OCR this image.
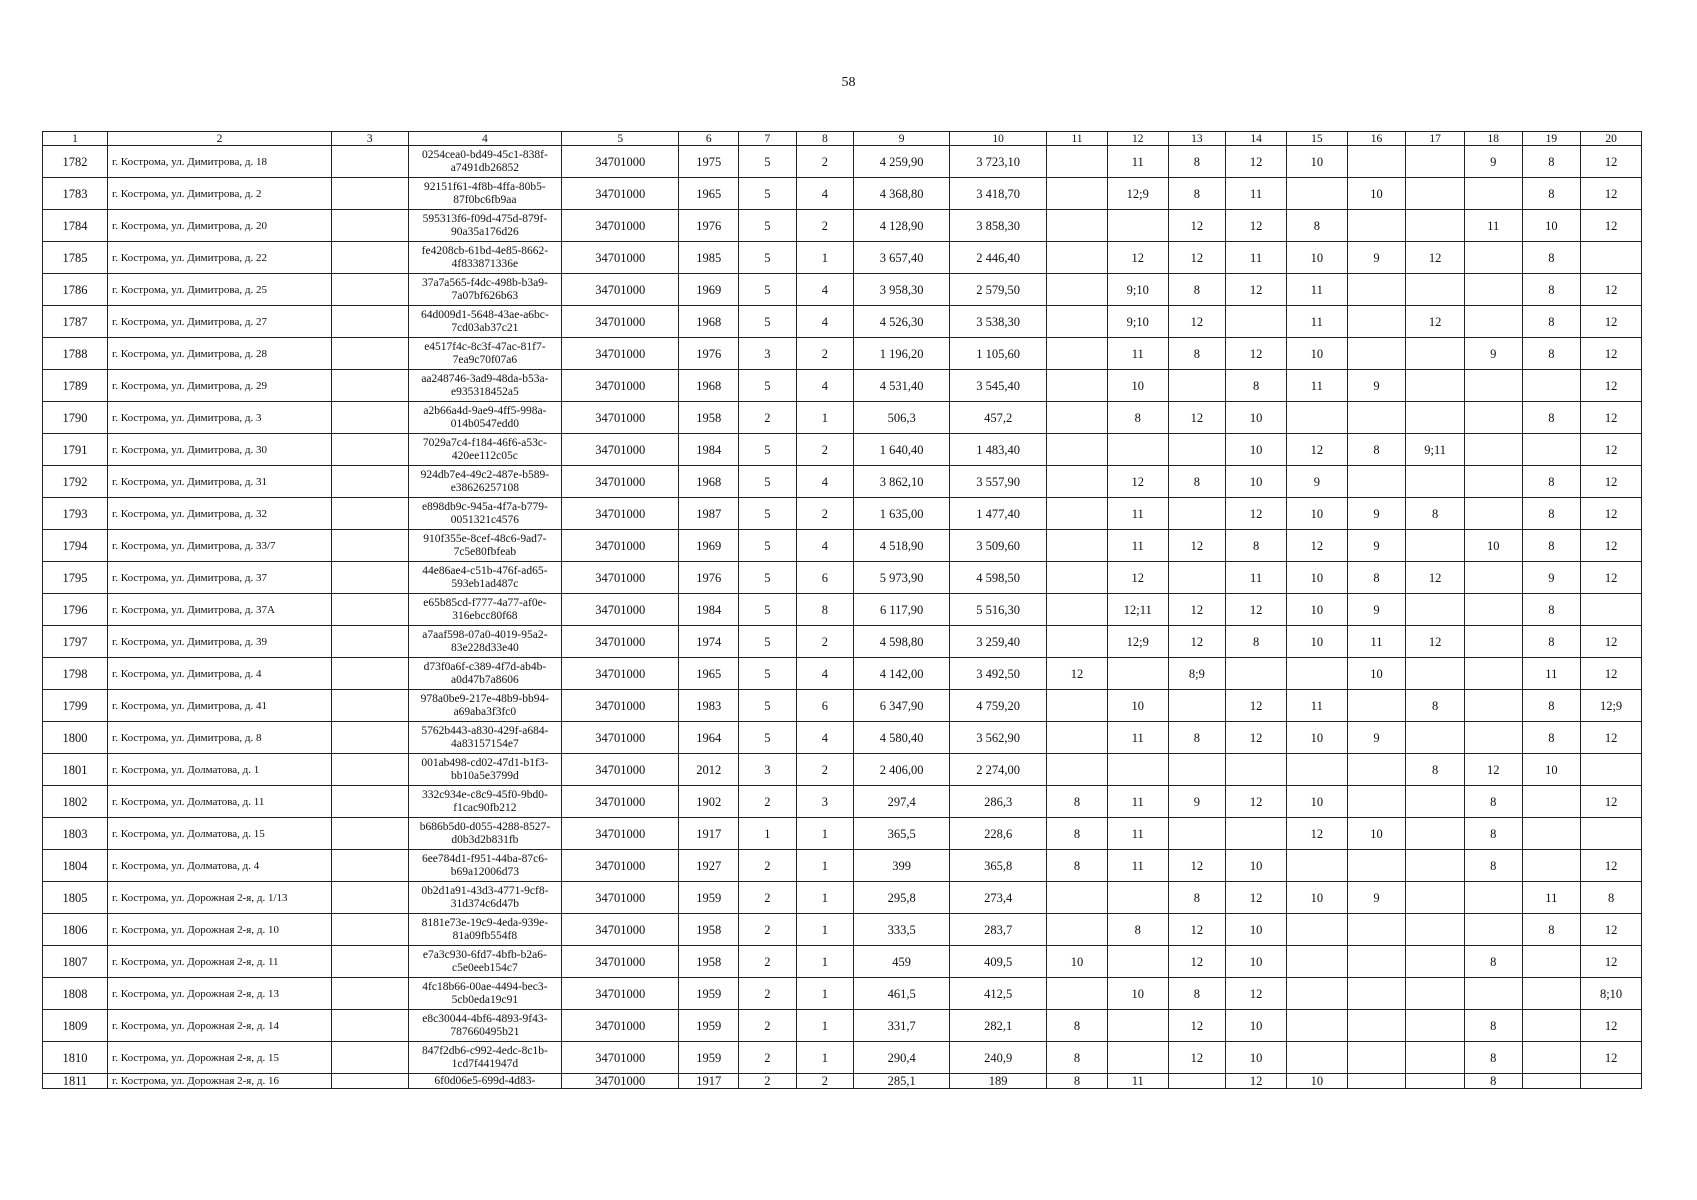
58
1	2	3	4	5	6	7	8	9	10	11	12	13	14	15	16	17	18	19	20
1782	г. Кострома, ул. Димитрова, д. 18		0254cea0-bd49-45c1-838f-a7491db26852	34701000	1975	5	2	4 259,90	3 723,10		11	8	12	10			9	8	12
1783	г. Кострома, ул. Димитрова, д. 2		92151f61-4f8b-4ffa-80b5-87f0bc6fb9aa	34701000	1965	5	4	4 368,80	3 418,70		12;9	8	11		10			8	12
1784	г. Кострома, ул. Димитрова, д. 20		595313f6-f09d-475d-879f-90a35a176d26	34701000	1976	5	2	4 128,90	3 858,30			12	12	8			11	10	12
1785	г. Кострома, ул. Димитрова, д. 22		fe4208cb-61bd-4e85-8662-4f833871336e	34701000	1985	5	1	3 657,40	2 446,40		12	12	11	10	9	12		8	
1786	г. Кострома, ул. Димитрова, д. 25		37a7a565-f4dc-498b-b3a9-7a07bf626b63	34701000	1969	5	4	3 958,30	2 579,50		9;10	8	12	11				8	12
1787	г. Кострома, ул. Димитрова, д. 27		64d009d1-5648-43ae-a6bc-7cd03ab37c21	34701000	1968	5	4	4 526,30	3 538,30		9;10	12		11		12		8	12
1788	г. Кострома, ул. Димитрова, д. 28		e4517f4c-8c3f-47ac-81f7-7ea9c70f07a6	34701000	1976	3	2	1 196,20	1 105,60		11	8	12	10			9	8	12
1789	г. Кострома, ул. Димитрова, д. 29		aa248746-3ad9-48da-b53a-e935318452a5	34701000	1968	5	4	4 531,40	3 545,40		10		8	11	9				12
1790	г. Кострома, ул. Димитрова, д. 3		a2b66a4d-9ae9-4ff5-998a-014b0547edd0	34701000	1958	2	1	506,3	457,2		8	12	10					8	12
1791	г. Кострома, ул. Димитрова, д. 30		7029a7c4-f184-46f6-a53c-420ee112c05c	34701000	1984	5	2	1 640,40	1 483,40				10	12	8	9;11			12
1792	г. Кострома, ул. Димитрова, д. 31		924db7e4-49c2-487e-b589-e38626257108	34701000	1968	5	4	3 862,10	3 557,90		12	8	10	9				8	12
1793	г. Кострома, ул. Димитрова, д. 32		e898db9c-945a-4f7a-b779-0051321c4576	34701000	1987	5	2	1 635,00	1 477,40		11		12	10	9	8		8	12
1794	г. Кострома, ул. Димитрова, д. 33/7		910f355e-8cef-48c6-9ad7-7c5e80fbfeab	34701000	1969	5	4	4 518,90	3 509,60		11	12	8	12	9		10	8	12
1795	г. Кострома, ул. Димитрова, д. 37		44e86ae4-c51b-476f-ad65-593eb1ad487c	34701000	1976	5	6	5 973,90	4 598,50		12		11	10	8	12		9	12
1796	г. Кострома, ул. Димитрова, д. 37А		e65b85cd-f777-4a77-af0e-316ebcc80f68	34701000	1984	5	8	6 117,90	5 516,30		12;11	12	12	10	9			8	
1797	г. Кострома, ул. Димитрова, д. 39		a7aaf598-07a0-4019-95a2-83e228d33e40	34701000	1974	5	2	4 598,80	3 259,40		12;9	12	8	10	11	12		8	12
1798	г. Кострома, ул. Димитрова, д. 4		d73f0a6f-c389-4f7d-ab4b-a0d47b7a8606	34701000	1965	5	4	4 142,00	3 492,50	12		8;9			10			11	12
1799	г. Кострома, ул. Димитрова, д. 41		978a0be9-217e-48b9-bb94-a69aba3f3fc0	34701000	1983	5	6	6 347,90	4 759,20		10		12	11		8		8	12;9
1800	г. Кострома, ул. Димитрова, д. 8		5762b443-a830-429f-a684-4a83157154e7	34701000	1964	5	4	4 580,40	3 562,90		11	8	12	10	9			8	12
1801	г. Кострома, ул. Долматова, д. 1		001ab498-cd02-47d1-b1f3-bb10a5e3799d	34701000	2012	3	2	2 406,00	2 274,00							8	12	10	
1802	г. Кострома, ул. Долматова, д. 11		332c934e-c8c9-45f0-9bd0-f1cac90fb212	34701000	1902	2	3	297,4	286,3	8	11	9	12	10			8		12
1803	г. Кострома, ул. Долматова, д. 15		b686b5d0-d055-4288-8527-d0b3d2b831fb	34701000	1917	1	1	365,5	228,6	8	11			12	10		8		
1804	г. Кострома, ул. Долматова, д. 4		6ee784d1-f951-44ba-87c6-b69a12006d73	34701000	1927	2	1	399	365,8	8	11	12	10				8		12
1805	г. Кострома, ул. Дорожная 2-я, д. 1/13		0b2d1a91-43d3-4771-9cf8-31d374c6d47b	34701000	1959	2	1	295,8	273,4			8	12	10	9			11	8
1806	г. Кострома, ул. Дорожная 2-я, д. 10		8181e73e-19c9-4eda-939e-81a09fb554f8	34701000	1958	2	1	333,5	283,7		8	12	10					8	12
1807	г. Кострома, ул. Дорожная 2-я, д. 11		e7a3c930-6fd7-4bfb-b2a6-c5e0eeb154c7	34701000	1958	2	1	459	409,5	10		12	10				8		12
1808	г. Кострома, ул. Дорожная 2-я, д. 13		4fc18b66-00ae-4494-bec3-5cb0eda19c91	34701000	1959	2	1	461,5	412,5		10	8	12						8;10
1809	г. Кострома, ул. Дорожная 2-я, д. 14		e8c30044-4bf6-4893-9f43-787660495b21	34701000	1959	2	1	331,7	282,1	8		12	10				8		12
1810	г. Кострома, ул. Дорожная 2-я, д. 15		847f2db6-c992-4edc-8c1b-1cd7f441947d	34701000	1959	2	1	290,4	240,9	8		12	10				8		12
1811	г. Кострома, ул. Дорожная 2-я, д. 16		6f0d06e5-699d-4d83-	34701000	1917	2	2	285,1	189	8	11		12	10			8		
